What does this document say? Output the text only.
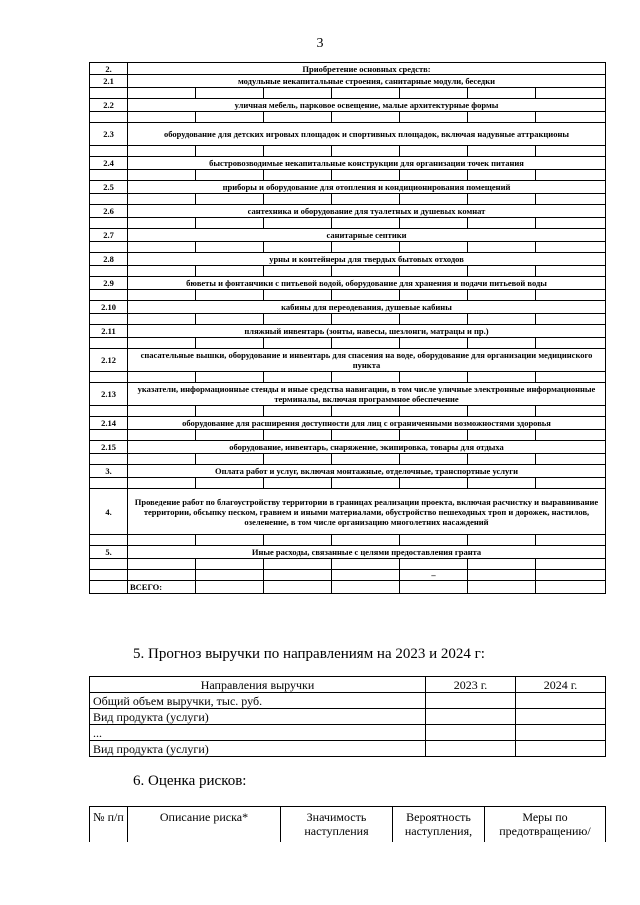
3
2.	Приобретение основных средств:						
2.1	модульные некапитальные строения, санитарные модули, беседки						

2.2	уличная мебель, парковое освещение, малые архитектурные формы						

2.3	оборудование для детских игровых площадок и спортивных площадок, включая надувные аттракционы						

2.4	быстровозводимые некапитальные конструкции для организации точек питания						

2.5	приборы и оборудование для отопления и кондиционирования помещений						

2.6	сантехника и оборудование для туалетных и душевых комнат						

2.7	санитарные септики						

2.8	урны и контейнеры для твердых бытовых отходов						

2.9	бюветы и фонтанчики с питьевой водой, оборудование для хранения и подачи питьевой воды						

2.10	кабины для переодевания, душевые кабины						

2.11	пляжный инвентарь (зонты, навесы, шезлонги, матрацы и пр.)						

2.12	спасательные вышки, оборудование и инвентарь для спасения на воде, оборудование для организации медицинского пункта						

2.13	указатели, информационные стенды и иные средства навигации, в том числе уличные электронные информационные терминалы, включая программное обеспечение						

2.14	оборудование для расширения доступности для лиц с ограниченными возможностями здоровья						

2.15	оборудование, инвентарь, снаряжение, экипировка, товары для отдыха						

3.	Оплата работ и услуг, включая монтажные, отделочные, транспортные услуги						

4.	Проведение работ по благоустройству территории в границах реализации проекта, включая расчистку и выравнивание территории, обсыпку песком, гравием и иными материалами, обустройство пешеходных троп и дорожек, настилов, озеленение, в том числе организацию многолетних насаждений						

5.	Иные расходы, связанные с целями предоставления гранта						

					–		
	ВСЕГО:						
5. Прогноз выручки по направлениям на 2023 и 2024 г:
Направления выручки	2023 г.	2024 г.
Общий объем выручки, тыс. руб.		
Вид продукта (услуги)		
...		
Вид продукта (услуги)		
6. Оценка рисков:
№ п/п	Описание риска*	Значимость наступления	Вероятность наступления,	Меры по предотвращению/
